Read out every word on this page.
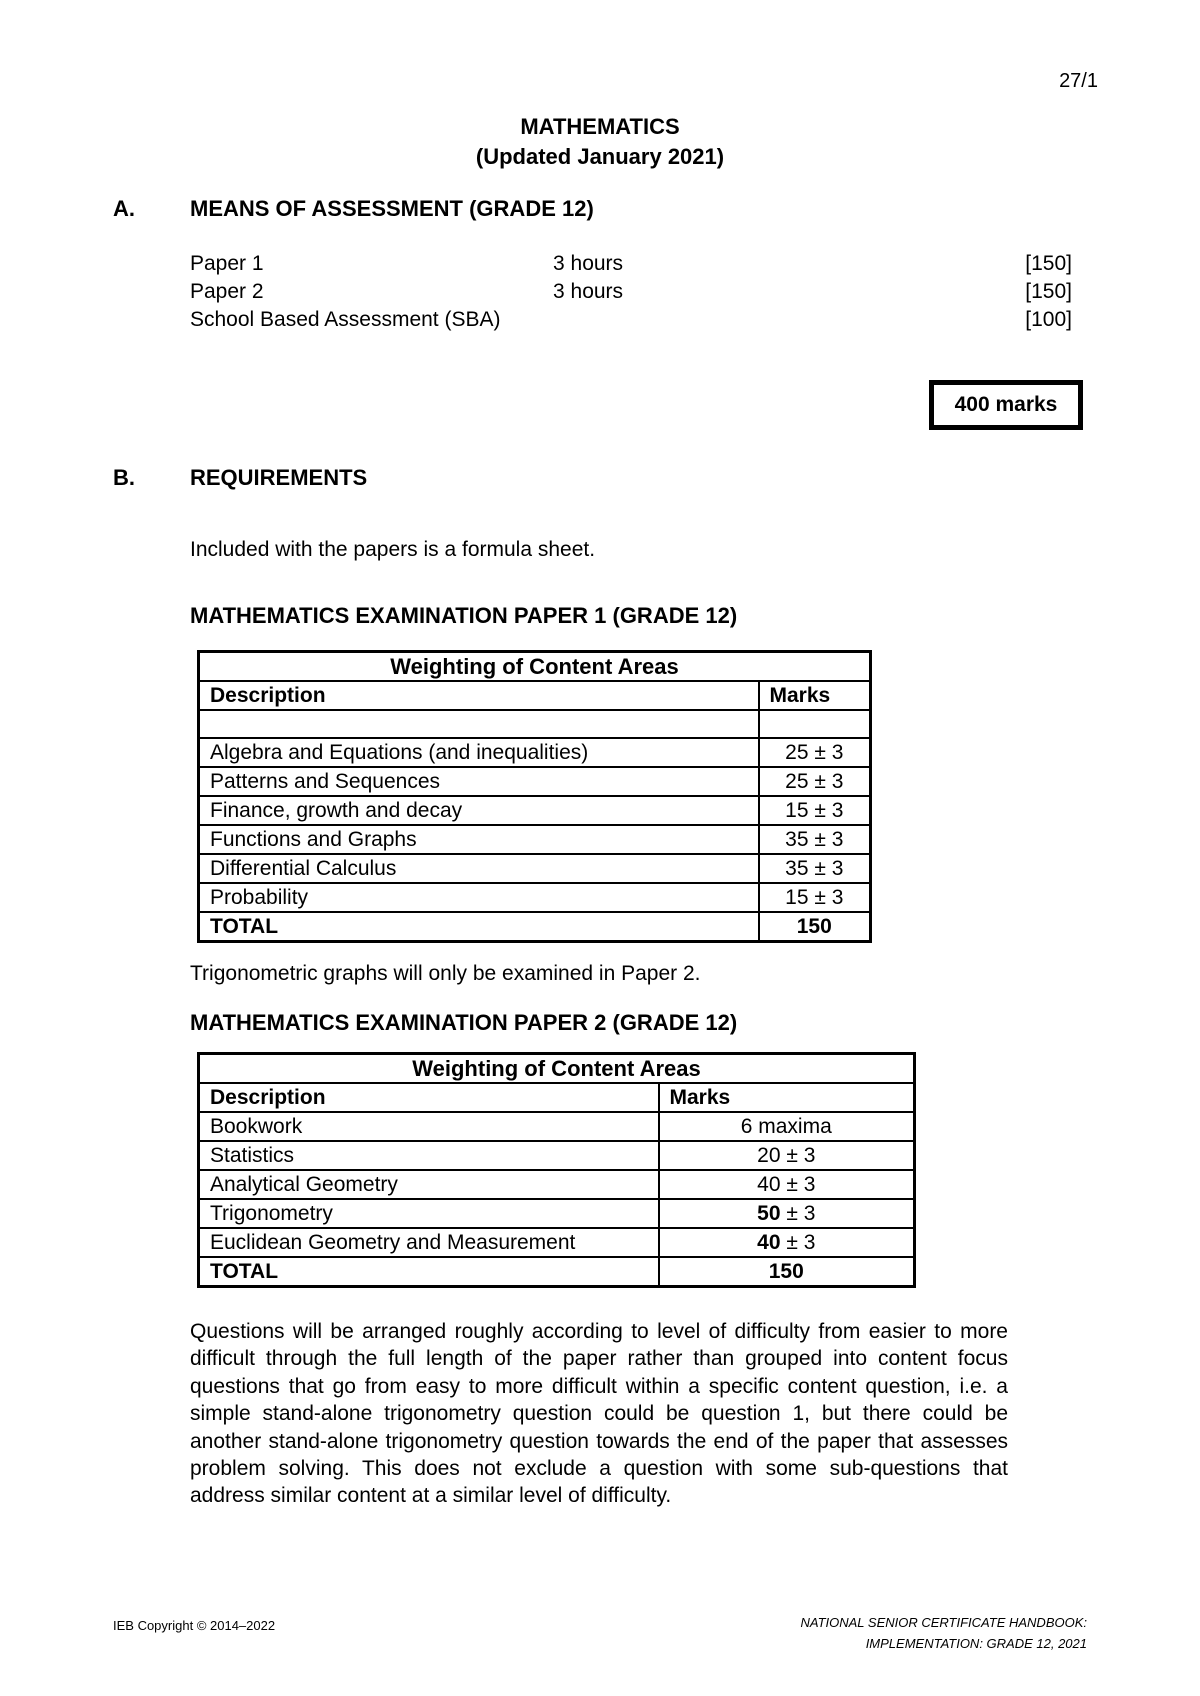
27/1
MATHEMATICS
(Updated January 2021)
A.	MEANS OF ASSESSMENT (GRADE 12)
Paper 1	3 hours	[150]
Paper 2	3 hours	[150]
School Based Assessment (SBA)	[100]
400 marks
B.	REQUIREMENTS
Included with the papers is a formula sheet.
MATHEMATICS EXAMINATION PAPER 1 (GRADE 12)
Weighting of Content Areas	
Description	Marks

Algebra and Equations (and inequalities)	25 ± 3
Patterns and Sequences	25 ± 3
Finance, growth and decay	15 ± 3
Functions and Graphs	35 ± 3
Differential Calculus	35 ± 3
Probability	15 ± 3
TOTAL	150
Trigonometric graphs will only be examined in Paper 2.
MATHEMATICS EXAMINATION PAPER 2 (GRADE 12)
Weighting of Content Areas	
Description	Marks
Bookwork	6 maxima
Statistics	20 ± 3
Analytical Geometry	40 ± 3
Trigonometry	50 ± 3
Euclidean Geometry and Measurement	40 ± 3
TOTAL	150
Questions will be arranged roughly according to level of difficulty from easier to more difficult through the full length of the paper rather than grouped into content focus questions that go from easy to more difficult within a specific content question, i.e. a simple stand-alone trigonometry question could be question 1, but there could be another stand-alone trigonometry question towards the end of the paper that assesses problem solving. This does not exclude a question with some sub-questions that address similar content at a similar level of difficulty.
IEB Copyright © 2014–2022	NATIONAL SENIOR CERTIFICATE HANDBOOK:
IMPLEMENTATION: GRADE 12, 2021
